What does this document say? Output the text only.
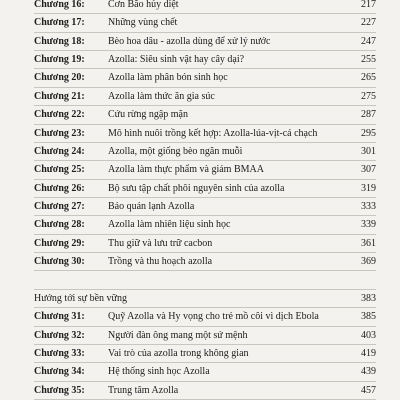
Chương 16: Cơn Bão hủy diệt	217
Chương 17: Những vùng chết	227
Chương 18: Bèo hoa dâu - azolla dùng để xử lý nước	247
Chương 19: Azolla: Siêu sinh vật hay cây dại?	255
Chương 20: Azolla làm phân bón sinh học	265
Chương 21: Azolla làm thức ăn gia súc	275
Chương 22: Cứu rừng ngập mặn	287
Chương 23: Mô hình nuôi trồng kết hợp: Azolla-lúa-vịt-cá chạch	295
Chương 24: Azolla, một giống bèo ngăn muỗi	301
Chương 25: Azolla làm thực phẩm và giảm BMAA	307
Chương 26: Bộ sưu tập chất phôi nguyên sinh của azolla	319
Chương 27: Bảo quản lạnh Azolla	333
Chương 28: Azolla làm nhiên liệu sinh học	339
Chương 29: Thu giữ và lưu trữ cacbon	361
Chương 30: Trồng và thu hoạch azolla	369
Hướng tới sự bền vững	383
Chương 31: Quỹ Azolla và Hy vọng cho trẻ mồ côi vì dịch Ebola	385
Chương 32: Người đàn ông mang một sứ mệnh	403
Chương 33: Vai trò của azolla trong không gian	419
Chương 34: Hệ thống sinh học Azolla	439
Chương 35: Trung tâm Azolla	457
